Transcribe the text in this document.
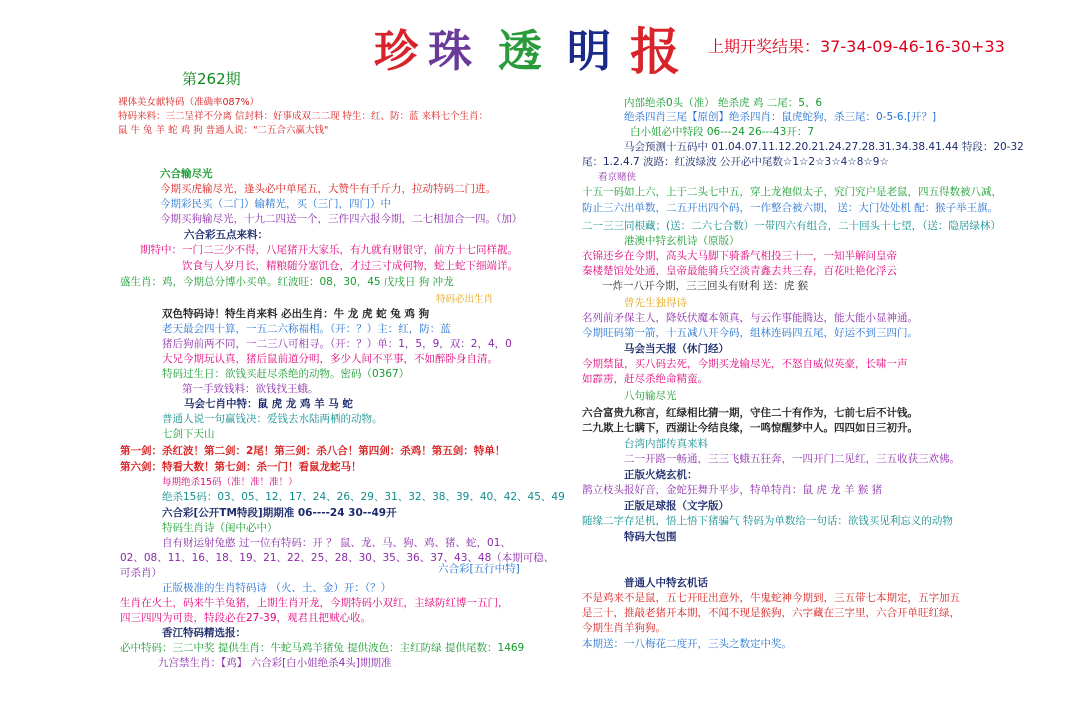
珍 珠 透 明 报 上期开奖结果：37-34-09-46-16-30+33
第262期
裸体美女献特码（准确率087%）
特码来料：三二呈祥不分离 信封料：好事成双二二现 特生：红、防：蓝 来料七个生肖：
鼠 牛 兔 羊 蛇 鸡 狗 普通人说："二五合六赢大钱"
六合输尽光
今期买虎输尽光，逢头必中单尾五，大赞牛有千斤力，拉动特码二门进。
今期彩民买（二门）输精光，买（三门，四门）中
今期买狗输尽光，十九二四送一个，三件四六报今期，二七相加合一四。（加）
六合彩五点来料：
期特中：一门二三少不得，八尾猪开大家乐，有九就有财银守，前方十七同样靓。
饮食与人岁月长，精粮随分塞饥仓，才过三寸成何物，蛇上蛇下细端详。
盛生肖：鸡，今期总分博小买单。红波旺：08，30，45 戊戌日 狗 冲龙
特码必出生肖
双色特码诗！特生肖来料 必出生肖：牛 龙 虎 蛇 兔 鸡 狗
老天最会四十算，一五二六称福相。（开：？）主：红，防：蓝
猪后狗前两不同，一二三八可相寻。（开：？）单：1，5，9，双：2，4，0
大兄今期玩认真，猪后鼠前道分明，多少人间不平事，不如醉卧身自清。
特码过生日：欲钱买赶尽杀绝的动物。密码（0367）
第一手致钱料：欲钱找王蛾。
马会七肖中特：鼠 虎 龙 鸡 羊 马 蛇
普通人说一句赢钱决：爱钱去水陆两栖的动物。
七剑下天山
第一剑：杀红波！第二剑：2尾！第三剑：杀八合！第四剑：杀鸡！第五剑：特单！
第六剑：特看大数！第七剑：杀一门！看鼠龙蛇马！
每期绝杀15码（准！准！准！）
绝杀15码：03、05、12、17、24、26、29、31、32、38、39、40、42、45、49
六合彩[公开TM特段]期期准 06----24 30--49开
特码生肖诗（闺中必中）
自有财运射兔憨 过一位有特码：开 ？ 鼠、龙、马、狗、鸡、猪、蛇，01、
02、08、11、16、18、19、21、22、25、28、30、35、36、37、43、48（本期可稳、
可杀肖）	六合彩[五行中特]
正版极准的生肖特码诗 （火、土、金）开：（？）
生肖在火土，码来牛羊兔猪，上期生肖开龙，今期特码小双红，主绿防红博一五门，
四三四四为可贵，特段必在27-39，观君且把贼心收。
香江特码精选报：
必中特码：三二中奖 提供生肖：牛蛇马鸡羊猪兔 提供波色：主红防绿 提供尾数：1469
九宫禁生肖：【鸡】 六合彩[白小姐绝杀4头]期期准
内部绝杀0头（准） 绝杀虎 鸡 二尾：5、6
绝杀四肖三尾【原创】绝杀四肖：鼠虎蛇狗，杀三尾：0-5-6.[开？]
白小姐必中特段 06---24 26---43开：7
马会预测十五码中 01.04.07.11.12.20.21.24.27.28.31.34.38.41.44 特段：20-32
尾：1.2.4.7 波路：红波绿波 公开必中尾数☆1☆2☆3☆4☆8☆9☆
看京赌侠
十五一码如上六，上于二头七中五，穿上龙袍似太子，究门究户是老鼠，四五得数被八减，
防止三六出单数，二五开出四个码，一作整合被六期， 送：大门处处机 配：猴子举王旗。
二一三三同根藏；(送：二六七合数）一带四六有组合，二十回头十七望，（送：隐居绿林）
港澳中特玄机诗（原版）
衣锦还乡在今期，高头大马脚下骑番气相投三十一，一知半解问皇帝
秦楼楚馆处处通，皇帝最能骑兵空淡青鑫去共三春，百花吐艳化浮云
一炸一八开今期，三三回头有财利 送：虎 猴
曾先生独得诗
名列前矛保主人，降妖伏魔本领真，与云作事能腾达，能大能小显神通。
今期旺码第一箭，十五减八开今码，组林连码四五尾，好运不到三四门。
马会当天报（休门经）
今期禁鼠，买八码去死，今期买龙输尽光，不怒自威似英豪，长啸一声
如霹雳，赶尽杀绝命精蛮。
八句输尽光
六合富贵九称言，红绿相比猜一期，守住二十有作为，七前七后不计钱。
二九欺上七瞒下，西湖让今结良缘，一鸣惊醒梦中人。四四如日三初升。
台湾内部传真来料
二一开路一畅通，三三飞蛾五狂奔，一四开门二见红，三五收获三欢佛。
正版火烧玄机：
鹊立枝头报好音，金蛇狂舞升平步，特单特肖：鼠 虎 龙 羊 猴 猪
正版足球报（文字版）
随缘二字存足机，悟上悟下猪骗气 特码为单数给一句话：欲钱买见利忘义的动物
特码大包围
普通人中特玄机话
不是鸡来不是鼠，五七开旺出意外，牛鬼蛇神今期到，三五带七本期定，五字加五
是三十，推敲老猪开本期，不闻不现是猴狗，六字藏在三字里，六合开单旺红绿，
今期生肖羊狗狗。
本期送：一八梅花二度开，三头之数定中奖。
